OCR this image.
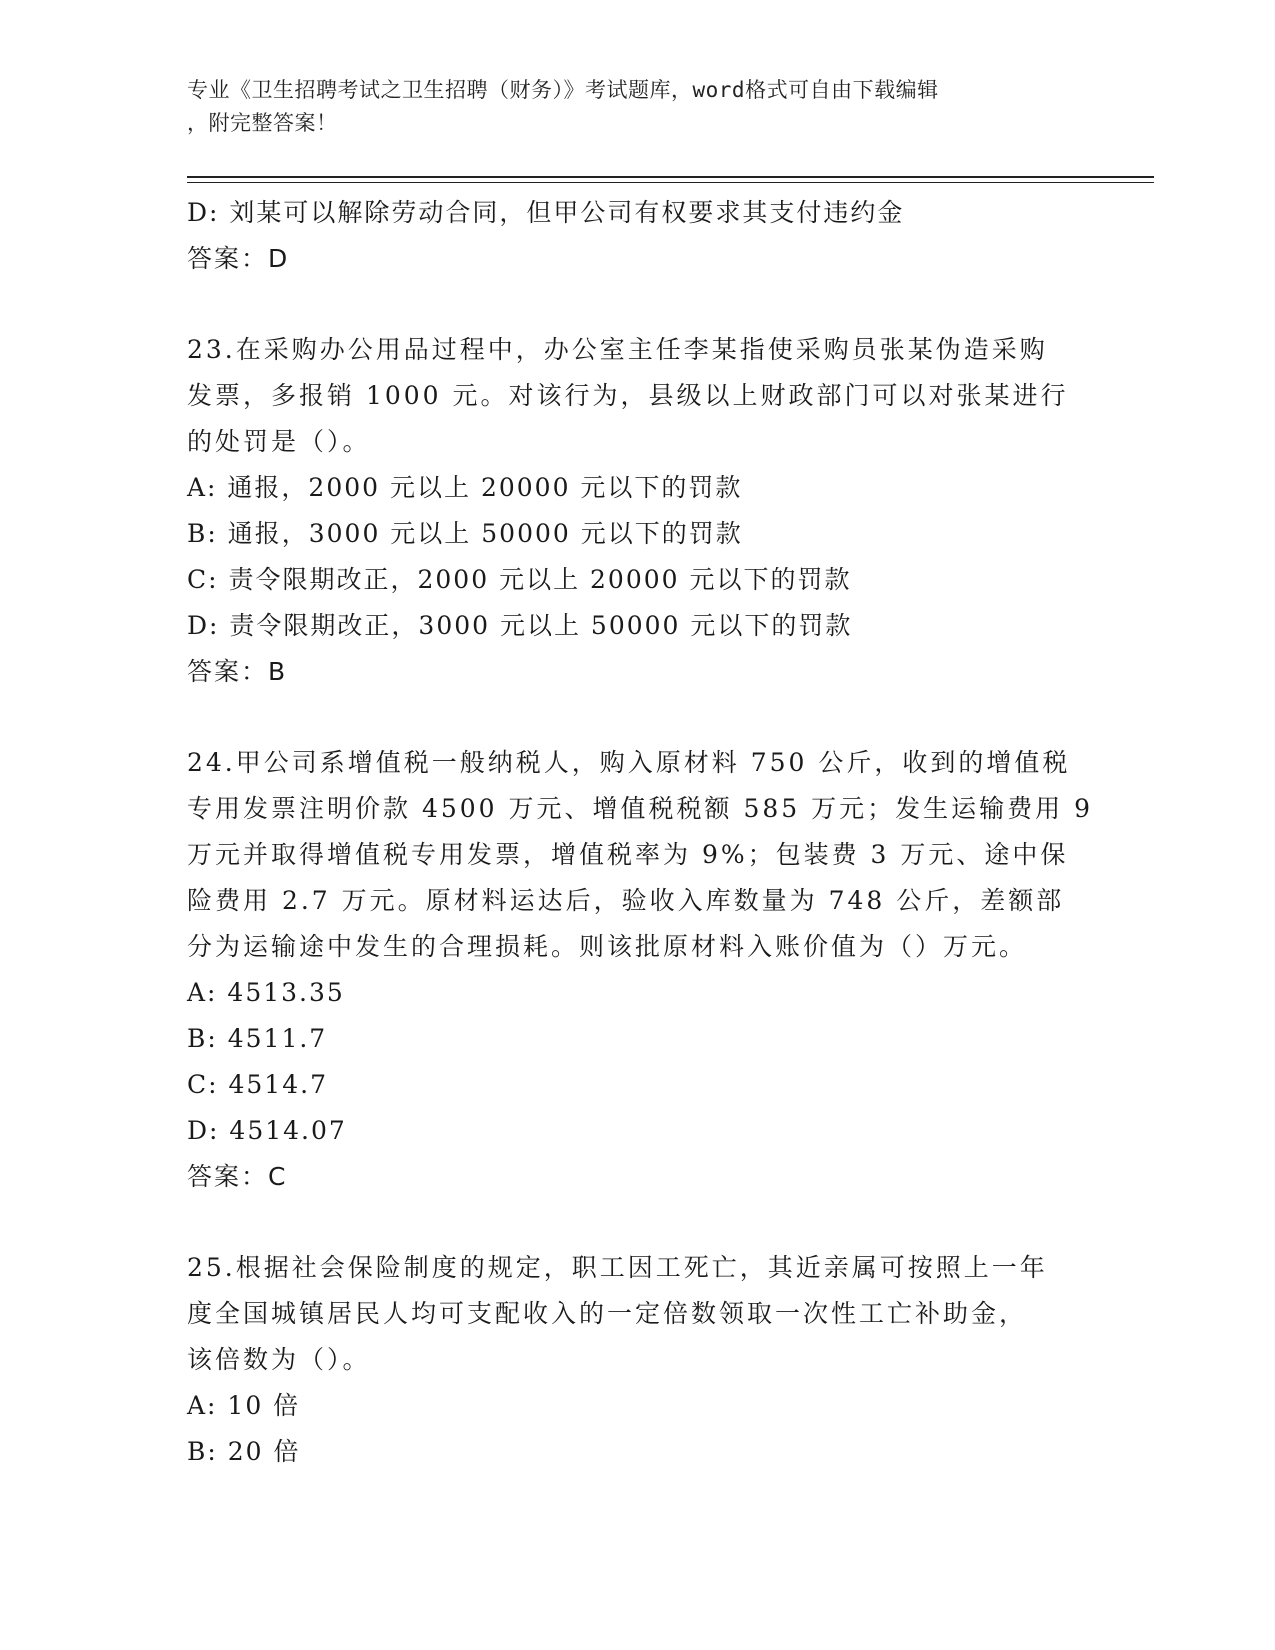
专业《卫生招聘考试之卫生招聘（财务）》考试题库，word格式可自由下载编辑
，附完整答案！
D: 刘某可以解除劳动合同，但甲公司有权要求其支付违约金
答案：D
23.在采购办公用品过程中，办公室主任李某指使采购员张某伪造采购
发票，多报销 1000 元。对该行为，县级以上财政部门可以对张某进行
的处罚是（）。
A: 通报，2000 元以上 20000 元以下的罚款
B: 通报，3000 元以上 50000 元以下的罚款
C: 责令限期改正，2000 元以上 20000 元以下的罚款
D: 责令限期改正，3000 元以上 50000 元以下的罚款
答案：B
24.甲公司系增值税一般纳税人，购入原材料 750 公斤，收到的增值税
专用发票注明价款 4500 万元、增值税税额 585 万元；发生运输费用 9
万元并取得增值税专用发票，增值税率为 9%；包装费 3 万元、途中保
险费用 2.7 万元。原材料运达后，验收入库数量为 748 公斤，差额部
分为运输途中发生的合理损耗。则该批原材料入账价值为（）万元。
A: 4513.35
B: 4511.7
C: 4514.7
D: 4514.07
答案：C
25.根据社会保险制度的规定，职工因工死亡，其近亲属可按照上一年
度全国城镇居民人均可支配收入的一定倍数领取一次性工亡补助金，
该倍数为（）。
A: 10 倍
B: 20 倍
